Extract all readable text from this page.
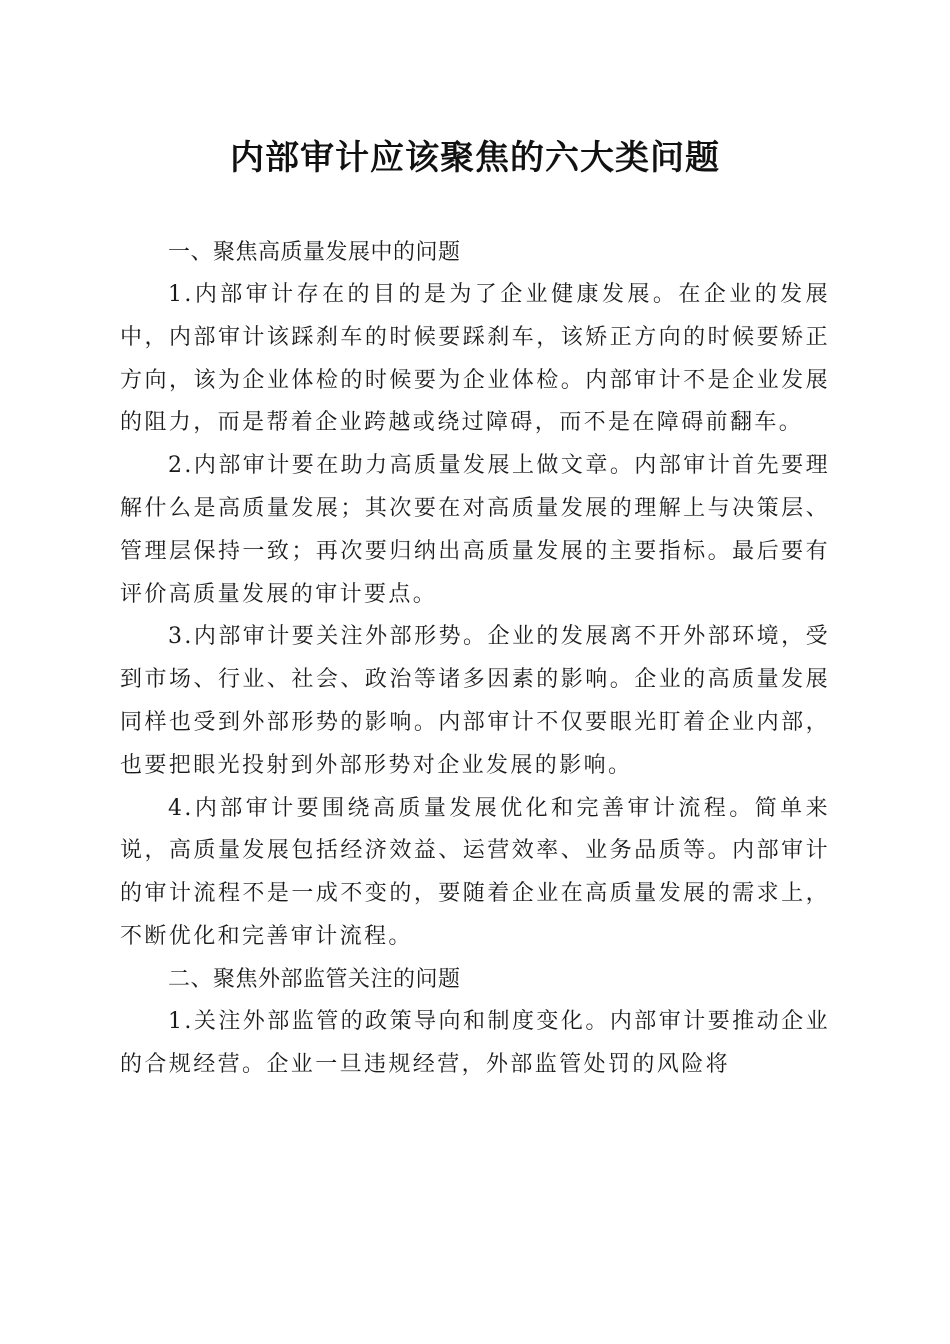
内部审计应该聚焦的六大类问题

一、聚焦高质量发展中的问题

1.内部审计存在的目的是为了企业健康发展。在企业的发展中，内部审计该踩刹车的时候要踩刹车，该矫正方向的时候要矫正方向，该为企业体检的时候要为企业体检。内部审计不是企业发展的阻力，而是帮着企业跨越或绕过障碍，而不是在障碍前翻车。

2.内部审计要在助力高质量发展上做文章。内部审计首先要理解什么是高质量发展；其次要在对高质量发展的理解上与决策层、管理层保持一致；再次要归纳出高质量发展的主要指标。最后要有评价高质量发展的审计要点。

3.内部审计要关注外部形势。企业的发展离不开外部环境，受到市场、行业、社会、政治等诸多因素的影响。企业的高质量发展同样也受到外部形势的影响。内部审计不仅要眼光盯着企业内部，也要把眼光投射到外部形势对企业发展的影响。

4.内部审计要围绕高质量发展优化和完善审计流程。简单来说，高质量发展包括经济效益、运营效率、业务品质等。内部审计的审计流程不是一成不变的，要随着企业在高质量发展的需求上，不断优化和完善审计流程。

二、聚焦外部监管关注的问题

1.关注外部监管的政策导向和制度变化。内部审计要推动企业的合规经营。企业一旦违规经营，外部监管处罚的风险将
